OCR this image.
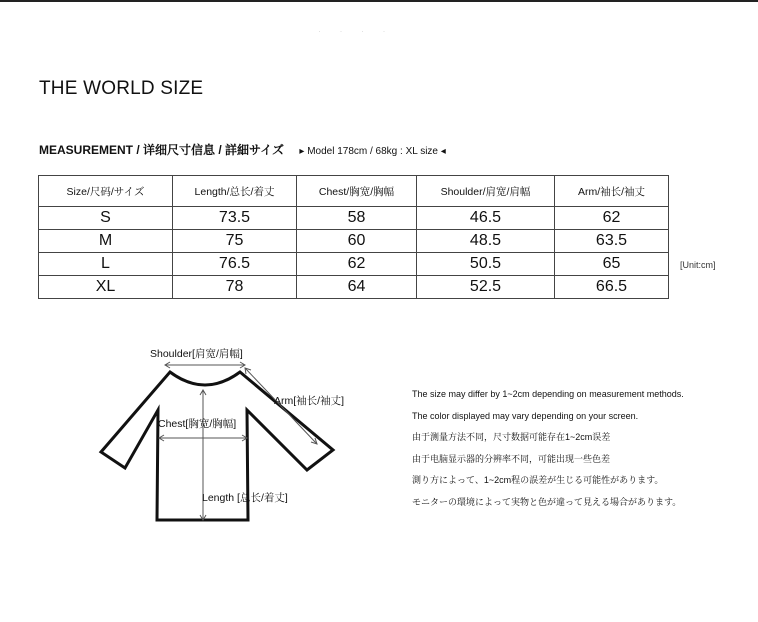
· · · ·
THE WORLD SIZE
MEASUREMENT / 详细尺寸信息 / 詳細サイズ ▸ Model 178cm / 68kg : XL size ◂
Size/尺码/サイズ	Length/总长/着丈	Chest/胸宽/胸幅	Shoulder/肩宽/肩幅	Arm/袖长/袖丈
S	73.5	58	46.5	62
M	75	60	48.5	63.5
L	76.5	62	50.5	65
XL	78	64	52.5	66.5
[Unit:cm]
Shoulder[肩宽/肩幅]
Arm[袖长/袖丈]
Chest[胸宽/胸幅]
Length [总长/着丈]
The size may differ by 1~2cm depending on measurement methods.
The color displayed may vary depending on your screen.
由于测量方法不同，尺寸数据可能存在1~2cm误差
由于电脑显示器的分辨率不同，可能出现一些色差
測り方によって、1~2cm程の誤差が生じる可能性があります。
モニターの環境によって実物と色が違って見える場合があります。
